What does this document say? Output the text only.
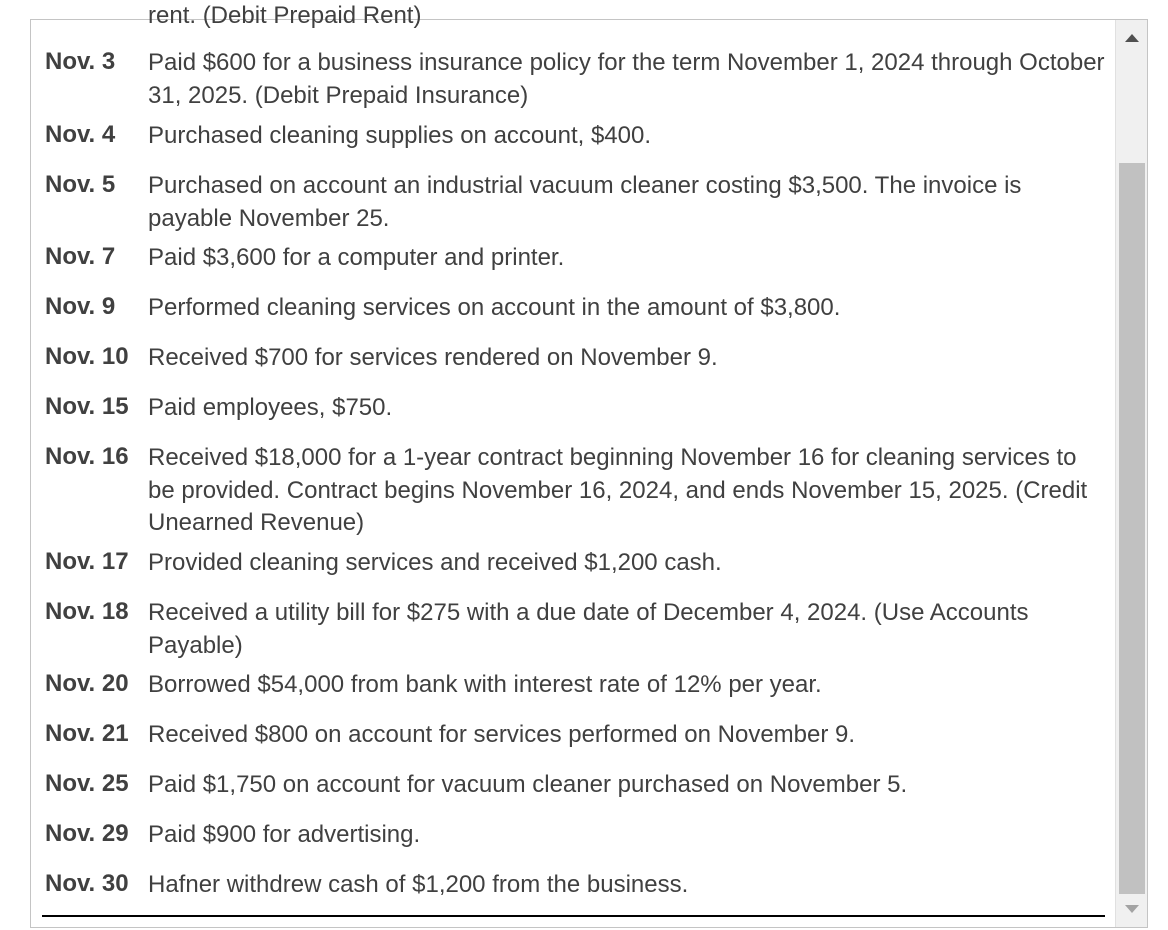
rent. (Debit Prepaid Rent)
Nov. 3 Paid $600 for a business insurance policy for the term November 1, 2024 through October 31, 2025. (Debit Prepaid Insurance)
Nov. 4 Purchased cleaning supplies on account, $400.
Nov. 5 Purchased on account an industrial vacuum cleaner costing $3,500. The invoice is payable November 25.
Nov. 7 Paid $3,600 for a computer and printer.
Nov. 9 Performed cleaning services on account in the amount of $3,800.
Nov. 10 Received $700 for services rendered on November 9.
Nov. 15 Paid employees, $750.
Nov. 16 Received $18,000 for a 1-year contract beginning November 16 for cleaning services to be provided. Contract begins November 16, 2024, and ends November 15, 2025. (Credit Unearned Revenue)
Nov. 17 Provided cleaning services and received $1,200 cash.
Nov. 18 Received a utility bill for $275 with a due date of December 4, 2024. (Use Accounts Payable)
Nov. 20 Borrowed $54,000 from bank with interest rate of 12% per year.
Nov. 21 Received $800 on account for services performed on November 9.
Nov. 25 Paid $1,750 on account for vacuum cleaner purchased on November 5.
Nov. 29 Paid $900 for advertising.
Nov. 30 Hafner withdrew cash of $1,200 from the business.
